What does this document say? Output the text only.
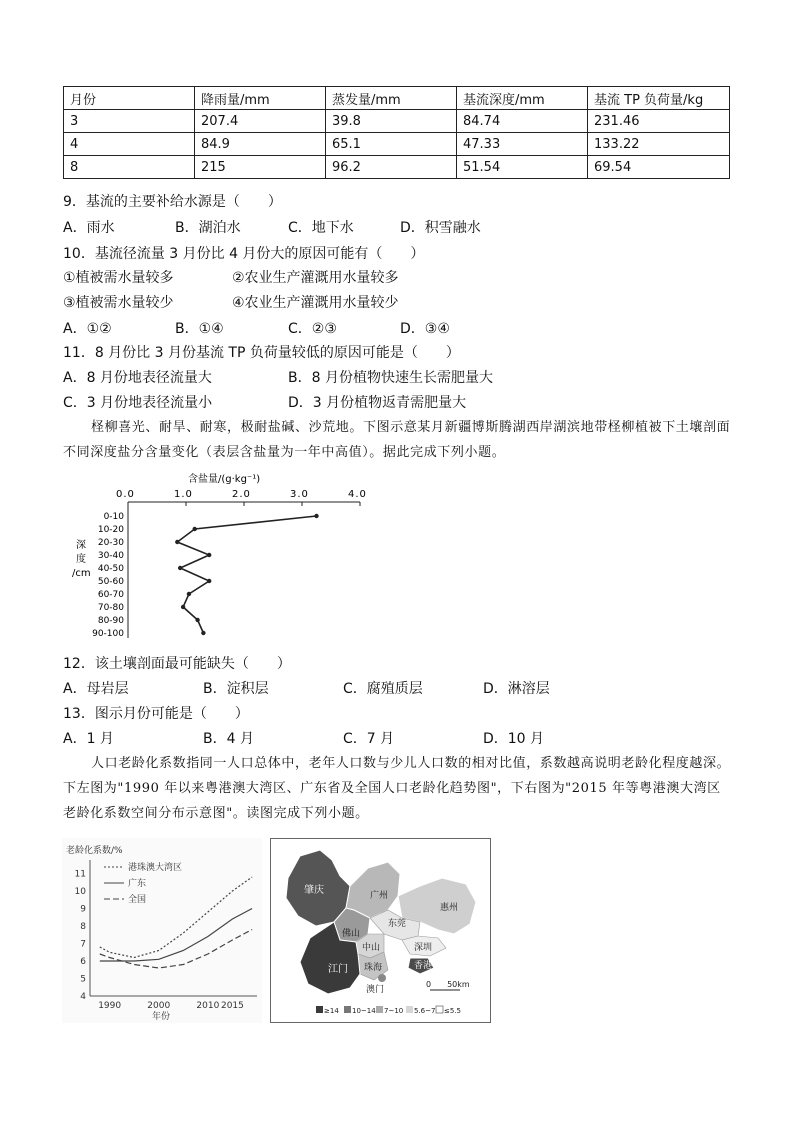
月份	降雨量/mm	蒸发量/mm	基流深度/mm	基流 TP 负荷量/kg
3	207.4	39.8	84.74	231.46
4	84.9	65.1	47.33	133.22
8	215	96.2	51.54	69.54
9．基流的主要补给水源是（　　）
A．雨水	B．湖泊水	C．地下水	D．积雪融水
10．基流径流量 3 月份比 4 月份大的原因可能有（　　）
①植被需水量较多	②农业生产灌溉用水量较多
③植被需水量较少	④农业生产灌溉用水量较少
A．①②	B．①④	C．②③	D．③④
11．8 月份比 3 月份基流 TP 负荷量较低的原因可能是（　　）
A．8 月份地表径流量大	B．8 月份植物快速生长需肥量大
C．3 月份地表径流量小	D．3 月份植物返青需肥量大
柽柳喜光、耐旱、耐寒，极耐盐碱、沙荒地。下图示意某月新疆博斯腾湖西岸湖滨地带柽柳植被下土壤剖面不同深度盐分含量变化（表层含盐量为一年中高值）。据此完成下列小题。
含盐量/(g·kg⁻¹)
0.0	1.0	2.0	3.0	4.0
0-10
10-20
20-30
30-40
40-50
50-60
60-70
70-80
80-90
90-100
深
度
/cm
12．该土壤剖面最可能缺失（　　）
A．母岩层	B．淀积层	C．腐殖质层	D．淋溶层
13．图示月份可能是（　　）
A．1 月	B．4 月	C．7 月	D．10 月
人口老龄化系数指同一人口总体中，老年人口数与少儿人口数的相对比值，系数越高说明老龄化程度越深。下左图为"1990 年以来粤港澳大湾区、广东省及全国人口老龄化趋势图"，下右图为"2015 年等粤港澳大湾区老龄化系数空间分布示意图"。读图完成下列小题。
老龄化系数/%
4
5
6
7
8
9
10
11
1990	2000	2010 2015
年份
港珠澳大湾区
广东
全国
肇庆
江门	香港
广州
佛山
东莞
惠州
深圳
中山
珠海
澳门
0　　50km
≥14 10~14 7~10 5.6~7 ≤5.5
